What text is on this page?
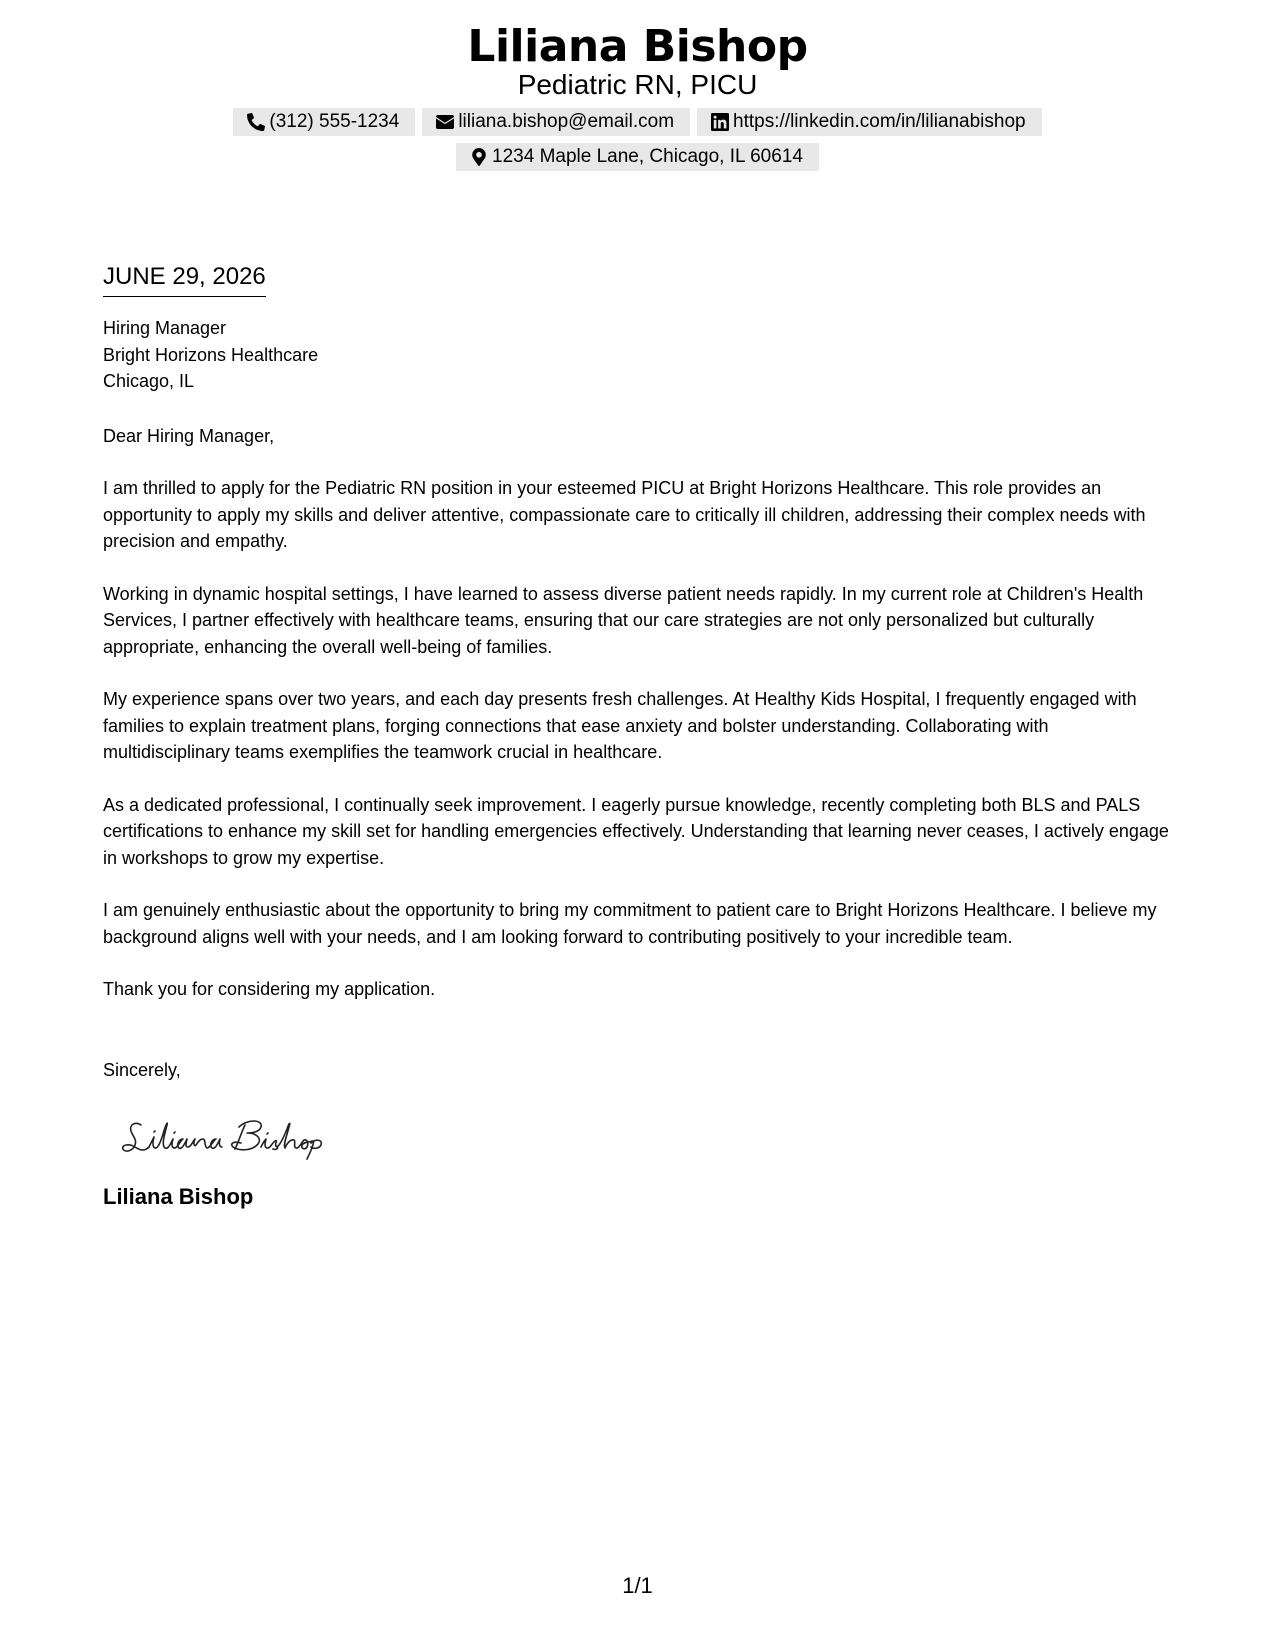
Liliana Bishop
Pediatric RN, PICU
(312) 555-1234	liliana.bishop@email.com	https://linkedin.com/in/lilianabishop
1234 Maple Lane, Chicago, IL 60614
JUNE 29, 2026
Hiring Manager
Bright Horizons Healthcare
Chicago, IL
Dear Hiring Manager,

I am thrilled to apply for the Pediatric RN position in your esteemed PICU at Bright Horizons Healthcare. This role provides an opportunity to apply my skills and deliver attentive, compassionate care to critically ill children, addressing their complex needs with precision and empathy.

Working in dynamic hospital settings, I have learned to assess diverse patient needs rapidly. In my current role at Children's Health Services, I partner effectively with healthcare teams, ensuring that our care strategies are not only personalized but culturally appropriate, enhancing the overall well-being of families.

My experience spans over two years, and each day presents fresh challenges. At Healthy Kids Hospital, I frequently engaged with families to explain treatment plans, forging connections that ease anxiety and bolster understanding. Collaborating with multidisciplinary teams exemplifies the teamwork crucial in healthcare.

As a dedicated professional, I continually seek improvement. I eagerly pursue knowledge, recently completing both BLS and PALS certifications to enhance my skill set for handling emergencies effectively. Understanding that learning never ceases, I actively engage in workshops to grow my expertise.

I am genuinely enthusiastic about the opportunity to bring my commitment to patient care to Bright Horizons Healthcare. I believe my background aligns well with your needs, and I am looking forward to contributing positively to your incredible team.

Thank you for considering my application.

Sincerely,
Liliana Bishop
1/1
